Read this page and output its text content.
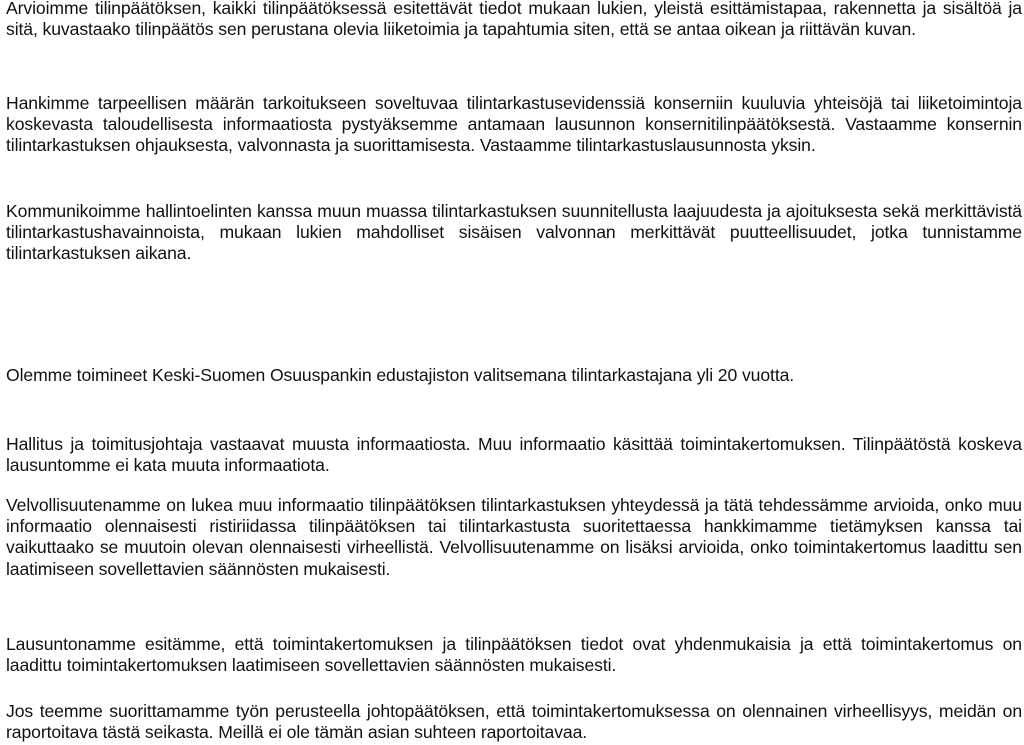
Arvioimme tilinpäätöksen, kaikki tilinpäätöksessä esitettävät tiedot mukaan lukien, yleistä esittämistapaa, rakennetta ja sisältöä ja sitä, kuvastaako tilinpäätös sen perustana olevia liiketoimia ja tapahtumia siten, että se antaa oikean ja riittävän kuvan.

Hankimme tarpeellisen määrän tarkoitukseen soveltuvaa tilintarkastusevidenssiä konserniin kuuluvia yhteisöjä tai liiketoimintoja koskevasta taloudellisesta informaatiosta pystyäksemme antamaan lausunnon konsernitilinpäätöksestä. Vastaamme konsernin tilintarkastuksen ohjauksesta, valvonnasta ja suorittamisesta. Vastaamme tilintarkastuslausunnosta yksin.

Kommunikoimme hallintoelinten kanssa muun muassa tilintarkastuksen suunnitellusta laajuudesta ja ajoituksesta sekä merkittävistä tilintarkastushavainnoista, mukaan lukien mahdolliset sisäisen valvonnan merkittävät puutteellisuudet, jotka tunnistamme tilintarkastuksen aikana.

Olemme toimineet Keski-Suomen Osuuspankin edustajiston valitsemana tilintarkastajana yli 20 vuotta.

Hallitus ja toimitusjohtaja vastaavat muusta informaatiosta. Muu informaatio käsittää toimintakertomuksen. Tilinpäätöstä koskeva lausuntomme ei kata muuta informaatiota.

Velvollisuutenamme on lukea muu informaatio tilinpäätöksen tilintarkastuksen yhteydessä ja tätä tehdessämme arvioida, onko muu informaatio olennaisesti ristiriidassa tilinpäätöksen tai tilintarkastusta suoritettaessa hankkimamme tietämyksen kanssa tai vaikuttaako se muutoin olevan olennaisesti virheellistä. Velvollisuutenamme on lisäksi arvioida, onko toimintakertomus laadittu sen laatimiseen sovellettavien säännösten mukaisesti.

Lausuntonamme esitämme, että toimintakertomuksen ja tilinpäätöksen tiedot ovat yhdenmukaisia ja että toimintakertomus on laadittu toimintakertomuksen laatimiseen sovellettavien säännösten mukaisesti.

Jos teemme suorittamamme työn perusteella johtopäätöksen, että toimintakertomuksessa on olennainen virheellisyys, meidän on raportoitava tästä seikasta. Meillä ei ole tämän asian suhteen raportoitavaa.
